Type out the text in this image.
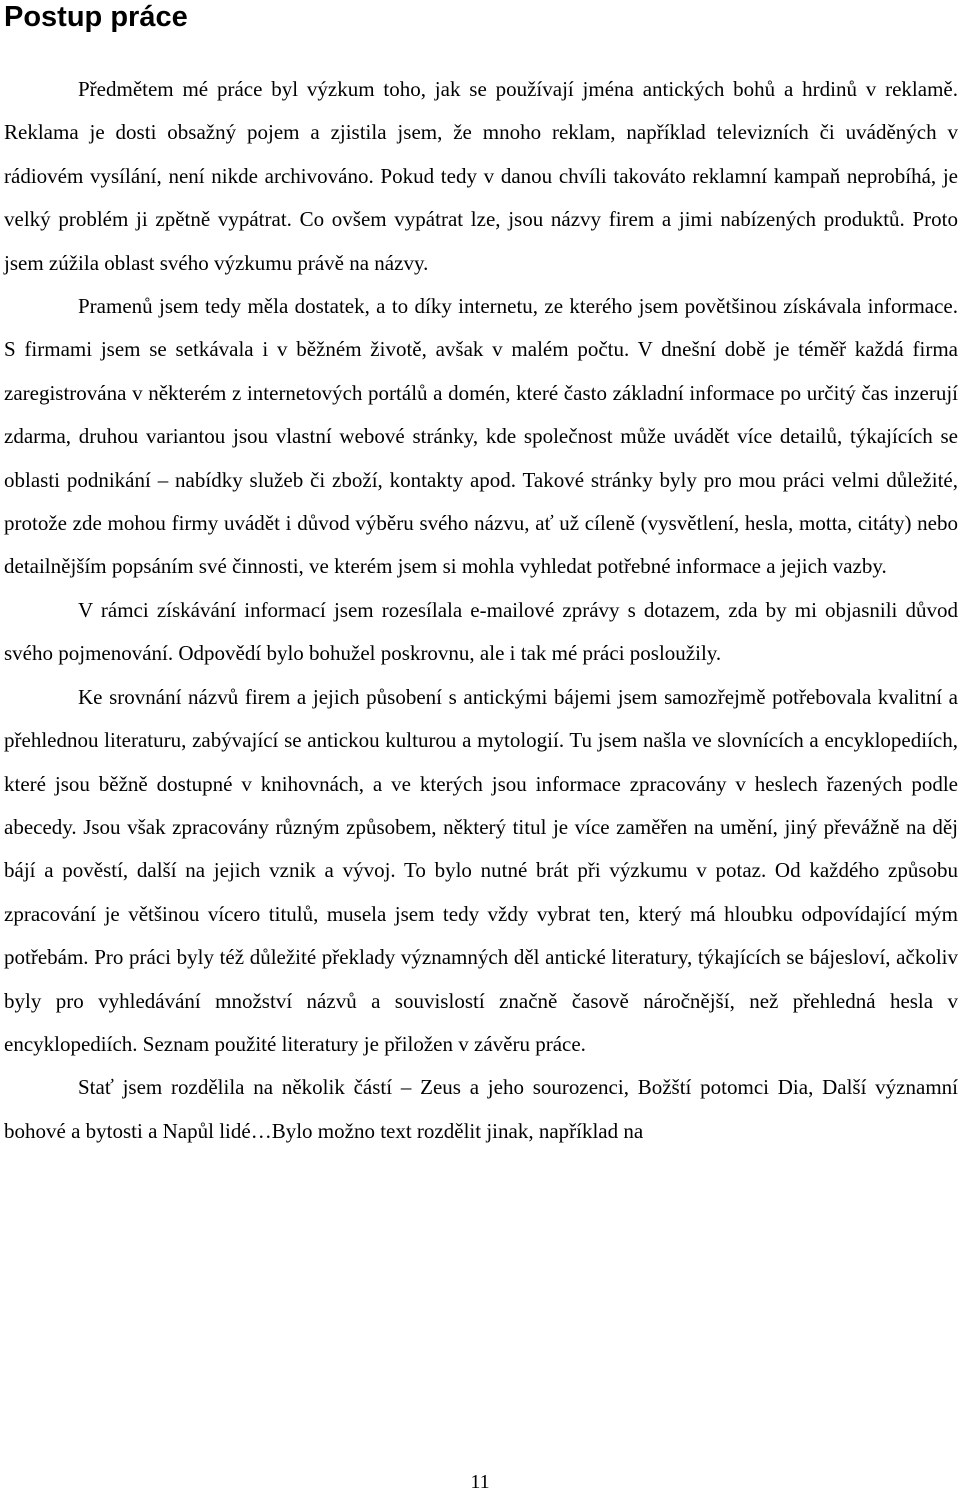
Postup práce

Předmětem mé práce byl výzkum toho, jak se používají jména antických bohů a hrdinů v reklamě. Reklama je dosti obsažný pojem a zjistila jsem, že mnoho reklam, například televizních či uváděných v rádiovém vysílání, není nikde archivováno. Pokud tedy v danou chvíli takováto reklamní kampaň neprobíhá, je velký problém ji zpětně vypátrat. Co ovšem vypátrat lze, jsou názvy firem a jimi nabízených produktů. Proto jsem zúžila oblast svého výzkumu právě na názvy.

Pramenů jsem tedy měla dostatek, a to díky internetu, ze kterého jsem povětšinou získávala informace. S firmami jsem se setkávala i v běžném životě, avšak v malém počtu. V dnešní době je téměř každá firma zaregistrována v některém z internetových portálů a domén, které často základní informace po určitý čas inzerují zdarma, druhou variantou jsou vlastní webové stránky, kde společnost může uvádět více detailů, týkajících se oblasti podnikání – nabídky služeb či zboží, kontakty apod. Takové stránky byly pro mou práci velmi důležité, protože zde mohou firmy uvádět i důvod výběru svého názvu, ať už cíleně (vysvětlení, hesla, motta, citáty) nebo detailnějším popsáním své činnosti, ve kterém jsem si mohla vyhledat potřebné informace a jejich vazby.

V rámci získávání informací jsem rozesílala e-mailové zprávy s dotazem, zda by mi objasnili důvod svého pojmenování. Odpovědí bylo bohužel poskrovnu, ale i tak mé práci posloužily.

Ke srovnání názvů firem a jejich působení s antickými bájemi jsem samozřejmě potřebovala kvalitní a přehlednou literaturu, zabývající se antickou kulturou a mytologií. Tu jsem našla ve slovnících a encyklopediích, které jsou běžně dostupné v knihovnách, a ve kterých jsou informace zpracovány v heslech řazených podle abecedy. Jsou však zpracovány různým způsobem, některý titul je více zaměřen na umění, jiný převážně na děj bájí a pověstí, další na jejich vznik a vývoj. To bylo nutné brát při výzkumu v potaz. Od každého způsobu zpracování je většinou vícero titulů, musela jsem tedy vždy vybrat ten, který má hloubku odpovídající mým potřebám. Pro práci byly též důležité překlady významných děl antické literatury, týkajících se bájesloví, ačkoliv byly pro vyhledávání množství názvů a souvislostí značně časově náročnější, než přehledná hesla v encyklopediích. Seznam použité literatury je přiložen v závěru práce.

Stať jsem rozdělila na několik částí – Zeus a jeho sourozenci, Božští potomci Dia, Další významní bohové a bytosti a Napůl lidé…Bylo možno text rozdělit jinak, například na

11
